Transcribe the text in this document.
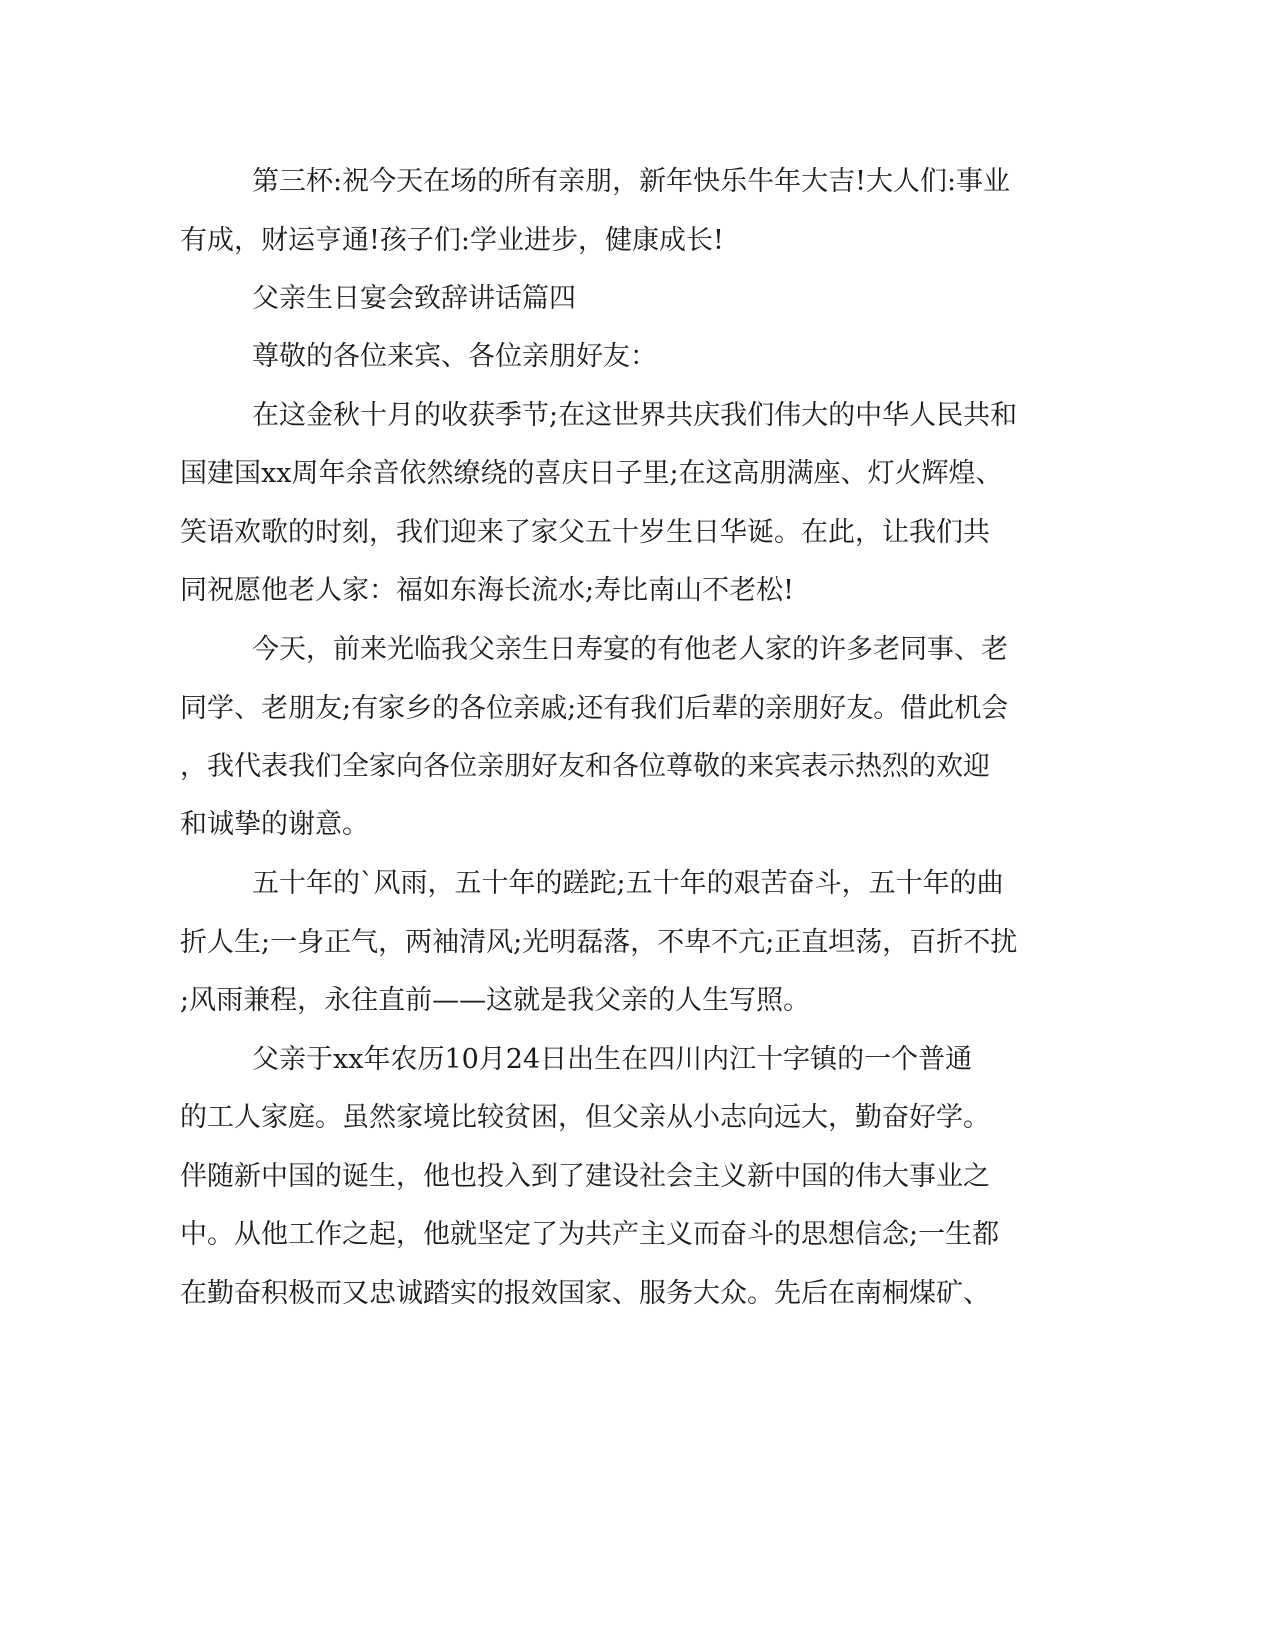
第三杯:祝今天在场的所有亲朋，新年快乐牛年大吉!大人们:事业

有成，财运亨通!孩子们:学业进步，健康成长!

父亲生日宴会致辞讲话篇四

尊敬的各位来宾、各位亲朋好友：

在这金秋十月的收获季节;在这世界共庆我们伟大的中华人民共和

国建国xx周年余音依然缭绕的喜庆日子里;在这高朋满座、灯火辉煌、

笑语欢歌的时刻，我们迎来了家父五十岁生日华诞。在此，让我们共

同祝愿他老人家：福如东海长流水;寿比南山不老松!

今天，前来光临我父亲生日寿宴的有他老人家的许多老同事、老

同学、老朋友;有家乡的各位亲戚;还有我们后辈的亲朋好友。借此机会

，我代表我们全家向各位亲朋好友和各位尊敬的来宾表示热烈的欢迎

和诚挚的谢意。

五十年的`风雨，五十年的蹉跎;五十年的艰苦奋斗，五十年的曲

折人生;一身正气，两袖清风;光明磊落，不卑不亢;正直坦荡，百折不扰

;风雨兼程，永往直前——这就是我父亲的人生写照。

父亲于xx年农历10月24日出生在四川内江十字镇的一个普通

的工人家庭。虽然家境比较贫困，但父亲从小志向远大，勤奋好学。

伴随新中国的诞生，他也投入到了建设社会主义新中国的伟大事业之

中。从他工作之起，他就坚定了为共产主义而奋斗的思想信念;一生都

在勤奋积极而又忠诚踏实的报效国家、服务大众。先后在南桐煤矿、
